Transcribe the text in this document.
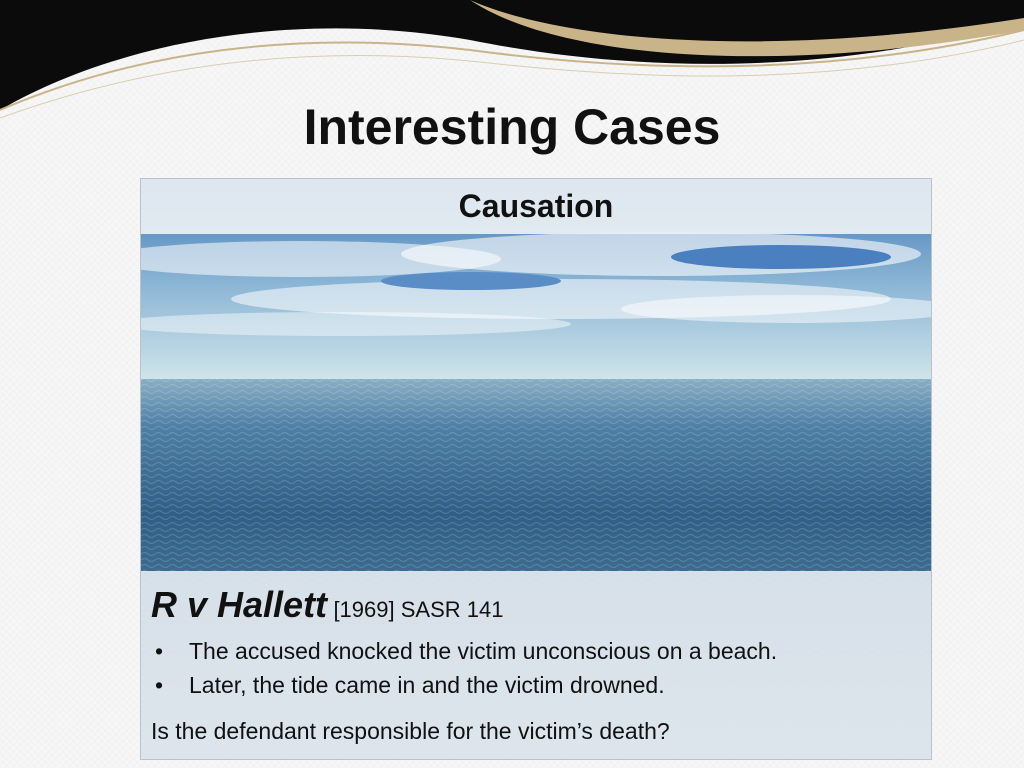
Interesting Cases
Causation
R v Hallett [1969] SASR 141
• The accused knocked the victim unconscious on a beach.
• Later, the tide came in and the victim drowned.
Is the defendant responsible for the victim’s death?
